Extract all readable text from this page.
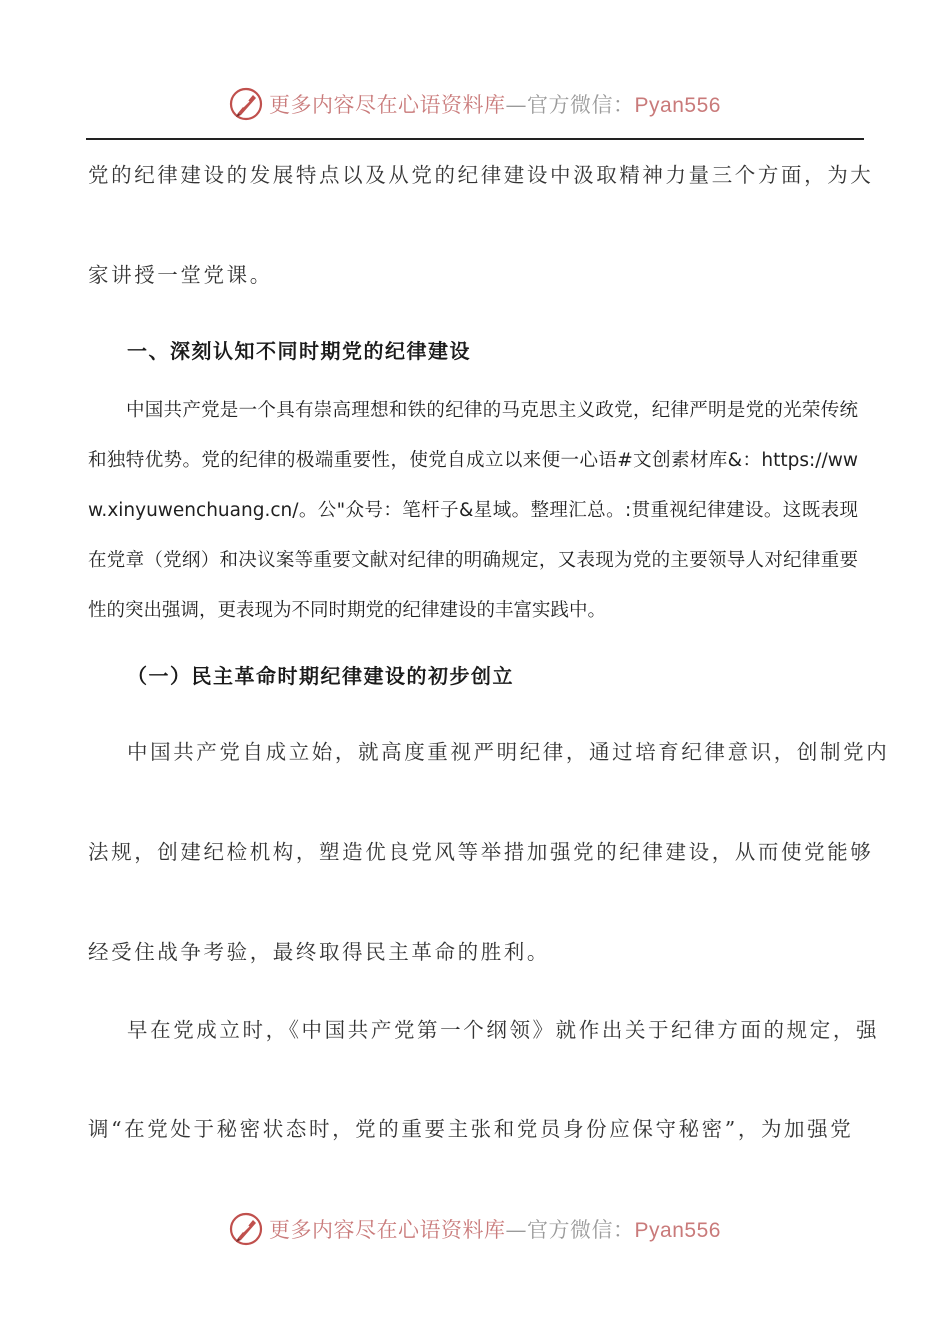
更多内容尽在心语资料库—官方微信：Pyan556
党的纪律建设的发展特点以及从党的纪律建设中汲取精神力量三个方面，为大
家讲授一堂党课。
一、深刻认知不同时期党的纪律建设
中国共产党是一个具有崇高理想和铁的纪律的马克思主义政党，纪律严明是党的光荣传统和独特优势。党的纪律的极端重要性，使党自成立以来便一心语#文创素材库&：https://www.xinyuwenchuang.cn/。公"众号：笔杆子&星域。整理汇总。:贯重视纪律建设。这既表现在党章（党纲）和决议案等重要文献对纪律的明确规定，又表现为党的主要领导人对纪律重要性的突出强调，更表现为不同时期党的纪律建设的丰富实践中。
（一）民主革命时期纪律建设的初步创立
中国共产党自成立始，就高度重视严明纪律，通过培育纪律意识，创制党内
法规，创建纪检机构，塑造优良党风等举措加强党的纪律建设，从而使党能够
经受住战争考验，最终取得民主革命的胜利。
早在党成立时，《中国共产党第一个纲领》就作出关于纪律方面的规定，强
调“在党处于秘密状态时，党的重要主张和党员身份应保守秘密”，为加强党
更多内容尽在心语资料库—官方微信：Pyan556
